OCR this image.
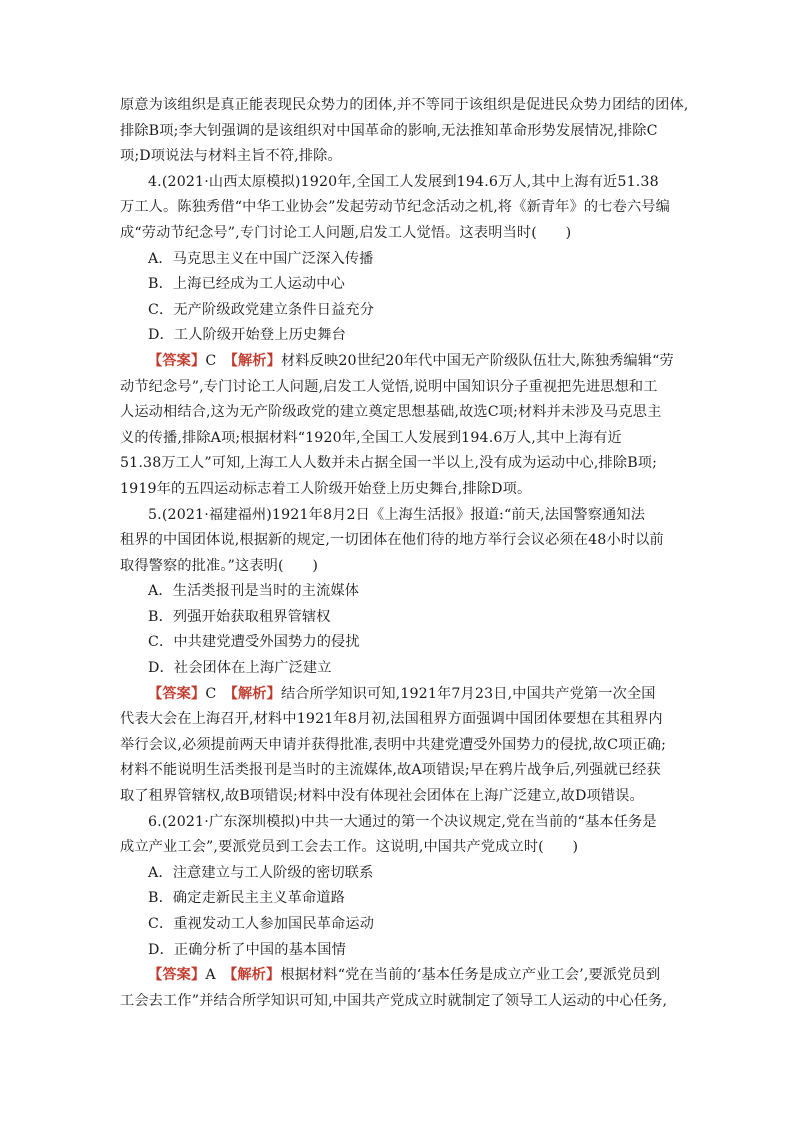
原意为该组织是真正能表现民众势力的团体,并不等同于该组织是促进民众势力团结的团体,
排除B项;李大钊强调的是该组织对中国革命的影响,无法推知革命形势发展情况,排除C
项;D项说法与材料主旨不符,排除。
4.(2021·山西太原模拟)1920年,全国工人发展到194.6万人,其中上海有近51.38
万工人。陈独秀借“中华工业协会”发起劳动节纪念活动之机,将《新青年》的七卷六号编
成“劳动节纪念号”,专门讨论工人问题,启发工人觉悟。这表明当时(　　)
A．马克思主义在中国广泛深入传播
B．上海已经成为工人运动中心
C．无产阶级政党建立条件日益充分
D．工人阶级开始登上历史舞台
【答案】C　【解析】材料反映20世纪20年代中国无产阶级队伍壮大,陈独秀编辑“劳
动节纪念号”,专门讨论工人问题,启发工人觉悟,说明中国知识分子重视把先进思想和工
人运动相结合,这为无产阶级政党的建立奠定思想基础,故选C项;材料并未涉及马克思主
义的传播,排除A项;根据材料“1920年,全国工人发展到194.6万人,其中上海有近
51.38万工人”可知,上海工人人数并未占据全国一半以上,没有成为运动中心,排除B项;
1919年的五四运动标志着工人阶级开始登上历史舞台,排除D项。
5.(2021·福建福州)1921年8月2日《上海生活报》报道:“前天,法国警察通知法
租界的中国团体说,根据新的规定,一切团体在他们待的地方举行会议必须在48小时以前
取得警察的批准。”这表明(　　)
A．生活类报刊是当时的主流媒体
B．列强开始获取租界管辖权
C．中共建党遭受外国势力的侵扰
D．社会团体在上海广泛建立
【答案】C　【解析】结合所学知识可知,1921年7月23日,中国共产党第一次全国
代表大会在上海召开,材料中1921年8月初,法国租界方面强调中国团体要想在其租界内
举行会议,必须提前两天申请并获得批准,表明中共建党遭受外国势力的侵扰,故C项正确;
材料不能说明生活类报刊是当时的主流媒体,故A项错误;早在鸦片战争后,列强就已经获
取了租界管辖权,故B项错误;材料中没有体现社会团体在上海广泛建立,故D项错误。
6.(2021·广东深圳模拟)中共一大通过的第一个决议规定,党在当前的“基本任务是
成立产业工会”,要派党员到工会去工作。这说明,中国共产党成立时(　　)
A．注意建立与工人阶级的密切联系
B．确定走新民主主义革命道路
C．重视发动工人参加国民革命运动
D．正确分析了中国的基本国情
【答案】A　【解析】根据材料“党在当前的‘基本任务是成立产业工会’,要派党员到
工会去工作”并结合所学知识可知,中国共产党成立时就制定了领导工人运动的中心任务,
